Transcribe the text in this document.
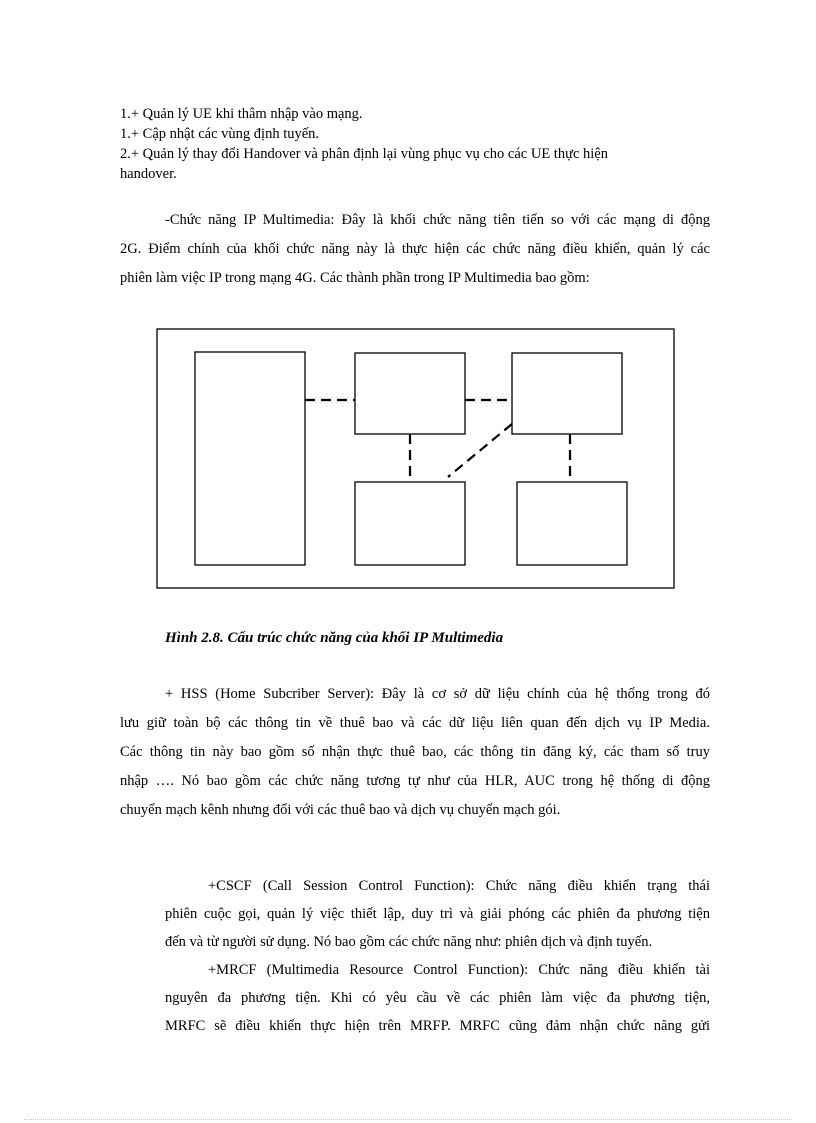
1.+ Quản lý UE khi thâm nhập vào mạng.
1.+ Cập nhật các vùng định tuyến.
2.+ Quản lý thay đổi Handover và phân định lại vùng phục vụ cho các UE thực hiện
handover.
-Chức năng IP Multimedia: Đây là khối chức năng tiên tiến so với các mạng di động
2G. Điểm chính của khối chức năng này là thực hiện các chức năng điều khiển, quản lý các
phiên làm việc IP trong mạng 4G. Các thành phần trong IP Multimedia bao gồm:
Hình 2.8. Cấu trúc chức năng của khối IP Multimedia
+ HSS (Home Subcriber Server): Đây là cơ sở dữ liệu chính của hệ thống trong đó
lưu giữ toàn bộ các thông tin về thuê bao và các dữ liệu liên quan đến dịch vụ IP Media.
Các thông tin này bao gồm số nhận thực thuê bao, các thông tin đăng ký, các tham số truy
nhập …. Nó bao gồm các chức năng tương tự như của HLR, AUC trong hệ thống di động
chuyển mạch kênh nhưng đối với các thuê bao và dịch vụ chuyển mạch gói.
+CSCF (Call Session Control Function): Chức năng điều khiển trạng thái
phiên cuộc gọi, quản lý việc thiết lập, duy trì và giải phóng các phiên đa phương tiện
đến và từ người sử dụng. Nó bao gồm các chức năng như: phiên dịch và định tuyến.
+MRCF (Multimedia Resource Control Function): Chức năng điều khiển tài
nguyên đa phương tiện. Khi có yêu cầu về các phiên làm việc đa phương tiện,
MRFC sẽ điều khiển thực hiện trên MRFP. MRFC cũng đảm nhận chức năng gửi
